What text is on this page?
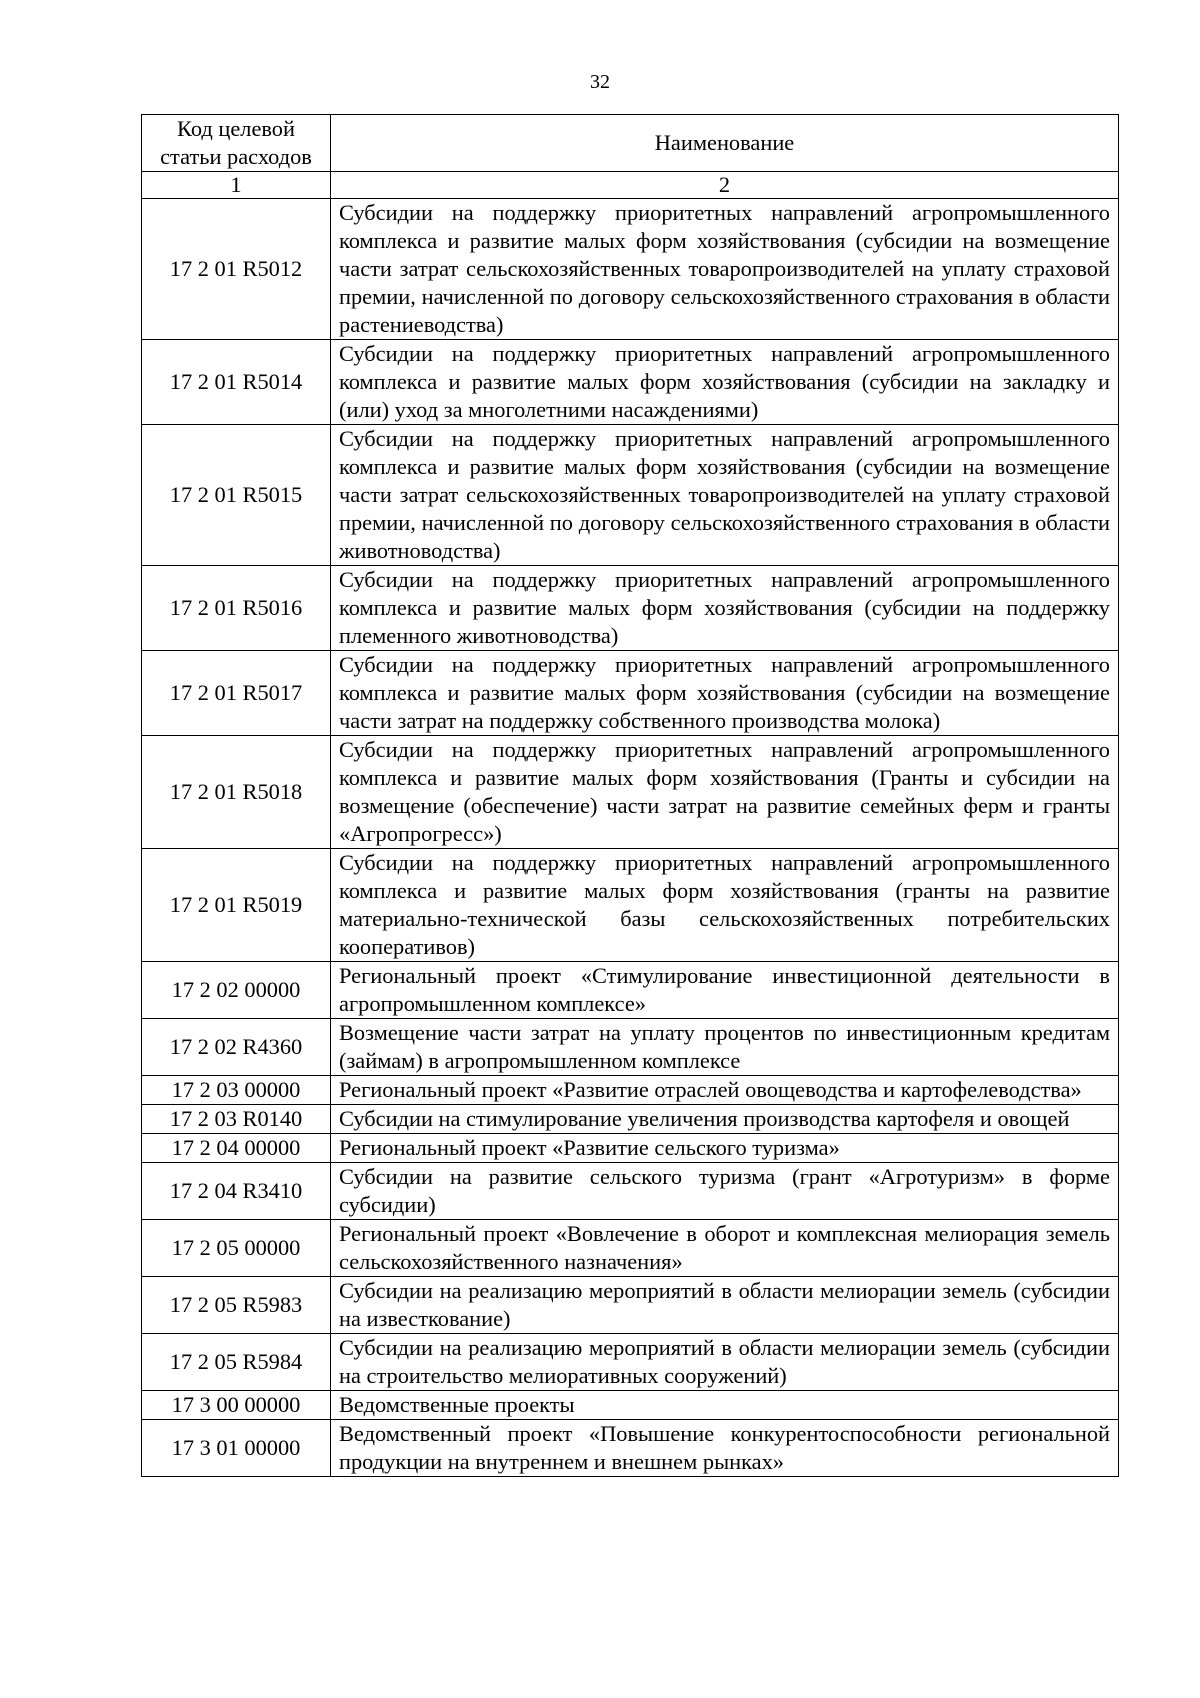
32
Код целевой статьи расходов	Наименование
1	2
17 2 01 R5012	Субсидии на поддержку приоритетных направлений агропромышленного комплекса и развитие малых форм хозяйствования (субсидии на возмещение части затрат сельскохозяйственных товаропроизводителей на уплату страховой премии, начисленной по договору сельскохозяйственного страхования в области растениеводства)
17 2 01 R5014	Субсидии на поддержку приоритетных направлений агропромышленного комплекса и развитие малых форм хозяйствования (субсидии на закладку и (или) уход за многолетними насаждениями)
17 2 01 R5015	Субсидии на поддержку приоритетных направлений агропромышленного комплекса и развитие малых форм хозяйствования (субсидии на возмещение части затрат сельскохозяйственных товаропроизводителей на уплату страховой премии, начисленной по договору сельскохозяйственного страхования в области животноводства)
17 2 01 R5016	Субсидии на поддержку приоритетных направлений агропромышленного комплекса и развитие малых форм хозяйствования (субсидии на поддержку племенного животноводства)
17 2 01 R5017	Субсидии на поддержку приоритетных направлений агропромышленного комплекса и развитие малых форм хозяйствования (субсидии на возмещение части затрат на поддержку собственного производства молока)
17 2 01 R5018	Субсидии на поддержку приоритетных направлений агропромышленного комплекса и развитие малых форм хозяйствования (Гранты и субсидии на возмещение (обеспечение) части затрат на развитие семейных ферм и гранты «Агропрогресс»)
17 2 01 R5019	Субсидии на поддержку приоритетных направлений агропромышленного комплекса и развитие малых форм хозяйствования (гранты на развитие материально-технической базы сельскохозяйственных потребительских кооперативов)
17 2 02 00000	Региональный проект «Стимулирование инвестиционной деятельности в агропромышленном комплексе»
17 2 02 R4360	Возмещение части затрат на уплату процентов по инвестиционным кредитам (займам) в агропромышленном комплексе
17 2 03 00000	Региональный проект «Развитие отраслей овощеводства и картофелеводства»
17 2 03 R0140	Субсидии на стимулирование увеличения производства картофеля и овощей
17 2 04 00000	Региональный проект «Развитие сельского туризма»
17 2 04 R3410	Субсидии на развитие сельского туризма (грант «Агротуризм» в форме субсидии)
17 2 05 00000	Региональный проект «Вовлечение в оборот и комплексная мелиорация земель сельскохозяйственного назначения»
17 2 05 R5983	Субсидии на реализацию мероприятий в области мелиорации земель (субсидии на известкование)
17 2 05 R5984	Субсидии на реализацию мероприятий в области мелиорации земель (субсидии на строительство мелиоративных сооружений)
17 3 00 00000	Ведомственные проекты
17 3 01 00000	Ведомственный проект «Повышение конкурентоспособности региональной продукции на внутреннем и внешнем рынках»
